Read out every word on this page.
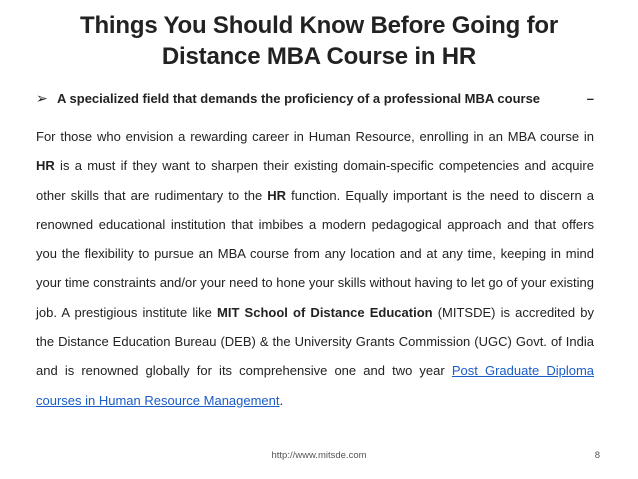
Things You Should Know Before Going for
Distance MBA Course in HR
➢ A specialized field that demands the proficiency of a professional MBA course	–
For those who envision a rewarding career in Human Resource, enrolling in an MBA course in HR is a must if they want to sharpen their existing domain-specific competencies and acquire other skills that are rudimentary to the HR function. Equally important is the need to discern a renowned educational institution that imbibes a modern pedagogical approach and that offers you the flexibility to pursue an MBA course from any location and at any time, keeping in mind your time constraints and/or your need to hone your skills without having to let go of your existing job. A prestigious institute like MIT School of Distance Education (MITSDE) is accredited by the Distance Education Bureau (DEB) & the University Grants Commission (UGC) Govt. of India and is renowned globally for its comprehensive one and two year Post Graduate Diploma courses in Human Resource Management.
http://www.mitsde.com	8
